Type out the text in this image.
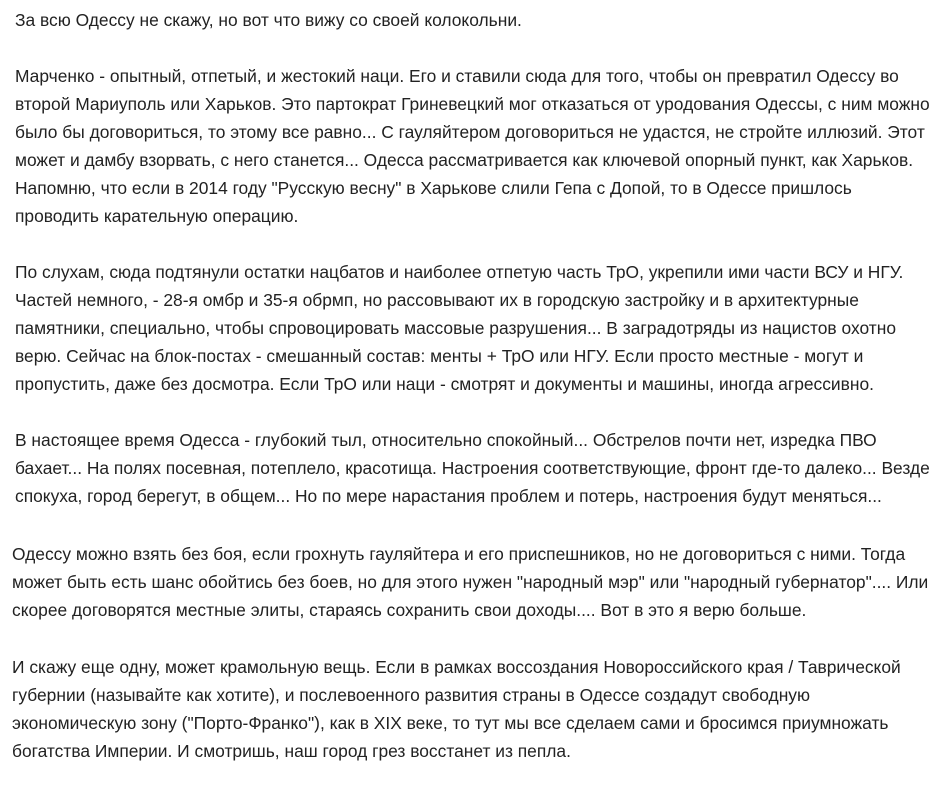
За всю Одессу не скажу, но вот что вижу со своей колокольни.

Марченко - опытный, отпетый, и жестокий наци. Его и ставили сюда для того, чтобы он превратил Одессу во
второй Мариуполь или Харьков. Это партократ Гриневецкий мог отказаться от уродования Одессы, с ним можно
было бы договориться, то этому все равно... С гауляйтером договориться не удастся, не стройте иллюзий. Этот
может и дамбу взорвать, с него станется... Одесса рассматривается как ключевой опорный пункт, как Харьков.
Напомню, что если в 2014 году "Русскую весну" в Харькове слили Гепа с Допой, то в Одессе пришлось
проводить карательную операцию.

По слухам, сюда подтянули остатки нацбатов и наиболее отпетую часть ТрО, укрепили ими части ВСУ и НГУ.
Частей немного, - 28-я омбр и 35-я обрмп, но рассовывают их в городскую застройку и в архитектурные
памятники, специально, чтобы спровоцировать массовые разрушения... В заградотряды из нацистов охотно
верю. Сейчас на блок-постах - смешанный состав: менты + ТрО или НГУ. Если просто местные - могут и
пропустить, даже без досмотра. Если ТрО или наци - смотрят и документы и машины, иногда агрессивно.

В настоящее время Одесса - глубокий тыл, относительно спокойный... Обстрелов почти нет, изредка ПВО
бахает... На полях посевная, потеплело, красотища. Настроения соответствующие, фронт где-то далеко... Везде
спокуха, город берегут, в общем... Но по мере нарастания проблем и потерь, настроения будут меняться...

Одессу можно взять без боя, если грохнуть гауляйтера и его приспешников, но не договориться с ними. Тогда
может быть есть шанс обойтись без боев, но для этого нужен "народный мэр" или "народный губернатор".... Или
скорее договорятся местные элиты, стараясь сохранить свои доходы.... Вот в это я верю больше.

И скажу еще одну, может крамольную вещь. Если в рамках воссоздания Новороссийского края / Таврической
губернии (называйте как хотите), и послевоенного развития страны в Одессе создадут свободную
экономическую зону ("Порто-Франко"), как в XIX веке, то тут мы все сделаем сами и бросимся приумножать
богатства Империи. И смотришь, наш город грез восстанет из пепла.
